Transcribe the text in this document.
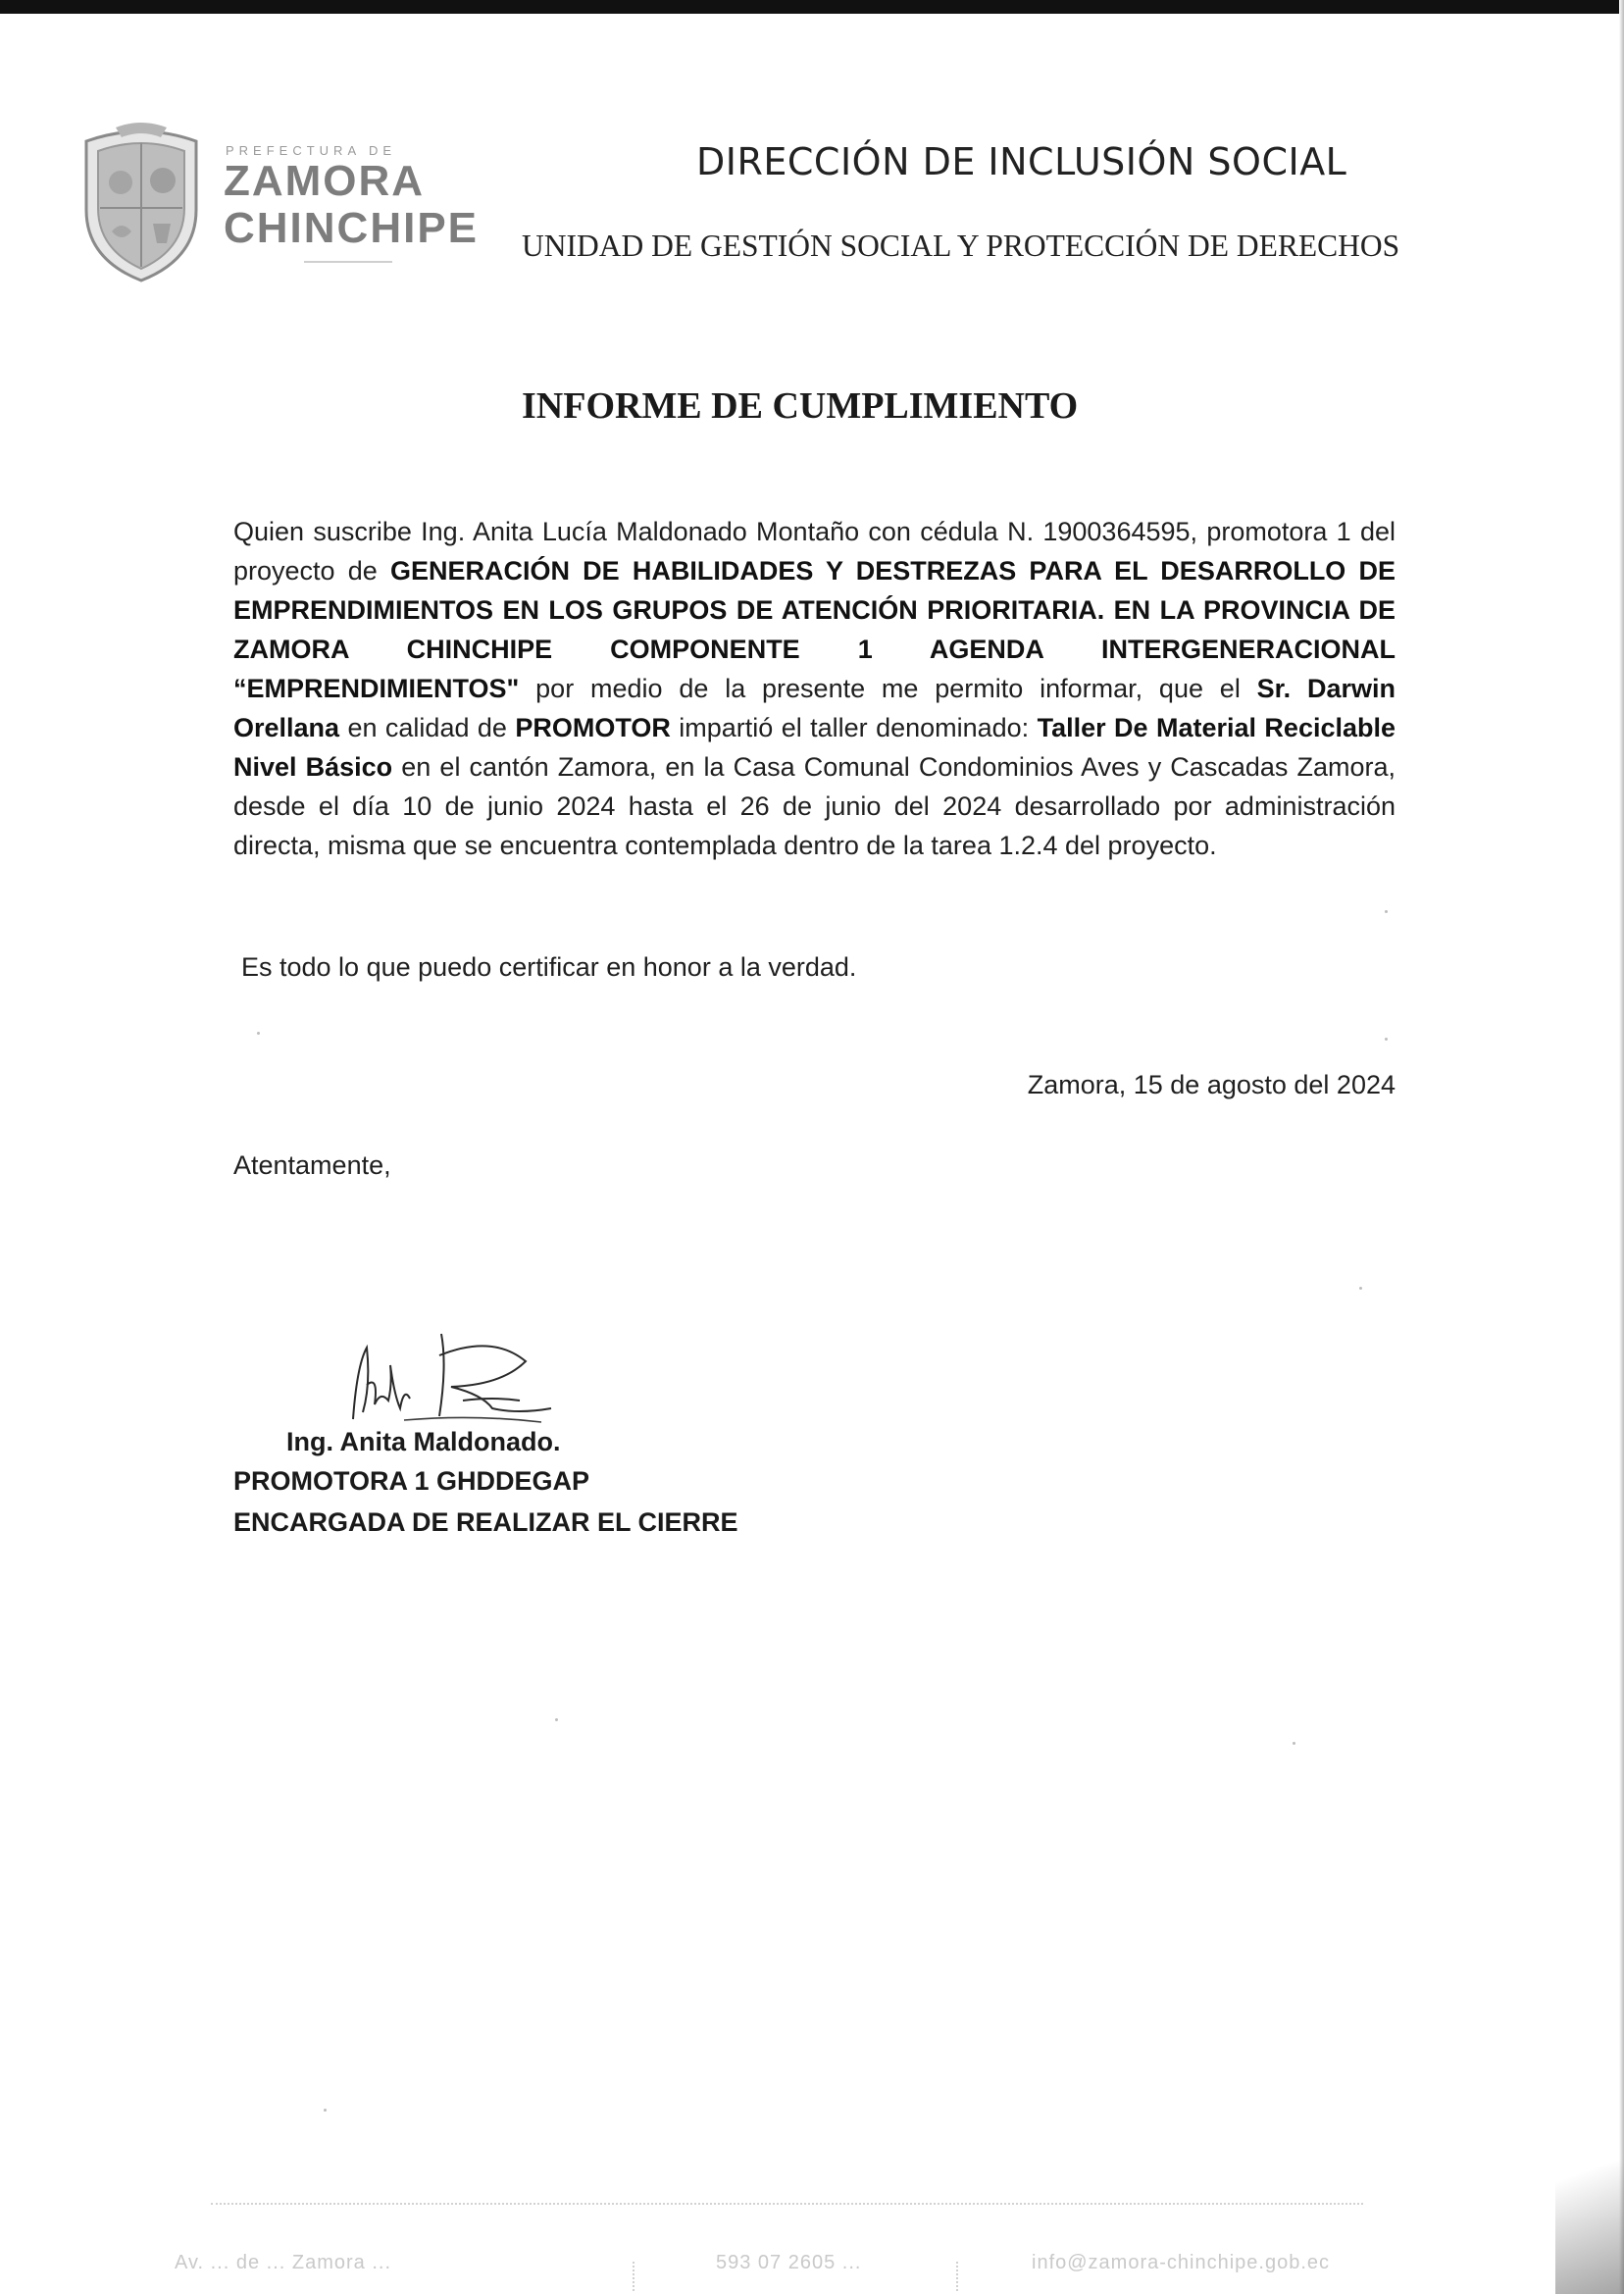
PREFECTURA DE
ZAMORA
CHINCHIPE
DIRECCIÓN DE INCLUSIÓN SOCIAL
UNIDAD DE GESTIÓN SOCIAL Y PROTECCIÓN DE DERECHOS
INFORME DE CUMPLIMIENTO
Quien suscribe Ing. Anita Lucía Maldonado Montaño con cédula N. 1900364595, promotora 1 del proyecto de GENERACIÓN DE HABILIDADES Y DESTREZAS PARA EL DESARROLLO DE EMPRENDIMIENTOS EN LOS GRUPOS DE ATENCIÓN PRIORITARIA. EN LA PROVINCIA DE ZAMORA CHINCHIPE COMPONENTE 1 AGENDA INTERGENERACIONAL “EMPRENDIMIENTOS" por medio de la presente me permito informar, que el Sr. Darwin Orellana en calidad de PROMOTOR impartió el taller denominado: Taller De Material Reciclable Nivel Básico en el cantón Zamora, en la Casa Comunal Condominios Aves y Cascadas Zamora, desde el día 10 de junio 2024 hasta el 26 de junio del 2024 desarrollado por administración directa, misma que se encuentra contemplada dentro de la tarea 1.2.4 del proyecto.
Es todo lo que puedo certificar en honor a la verdad.
Zamora, 15 de agosto del 2024
Atentamente,
Ing. Anita Maldonado.
PROMOTORA 1 GHDDEGAP
ENCARGADA DE REALIZAR EL CIERRE
Av. ... de ... Zamora ...	593 07 2605 ...	info@zamora-chinchipe.gob.ec
